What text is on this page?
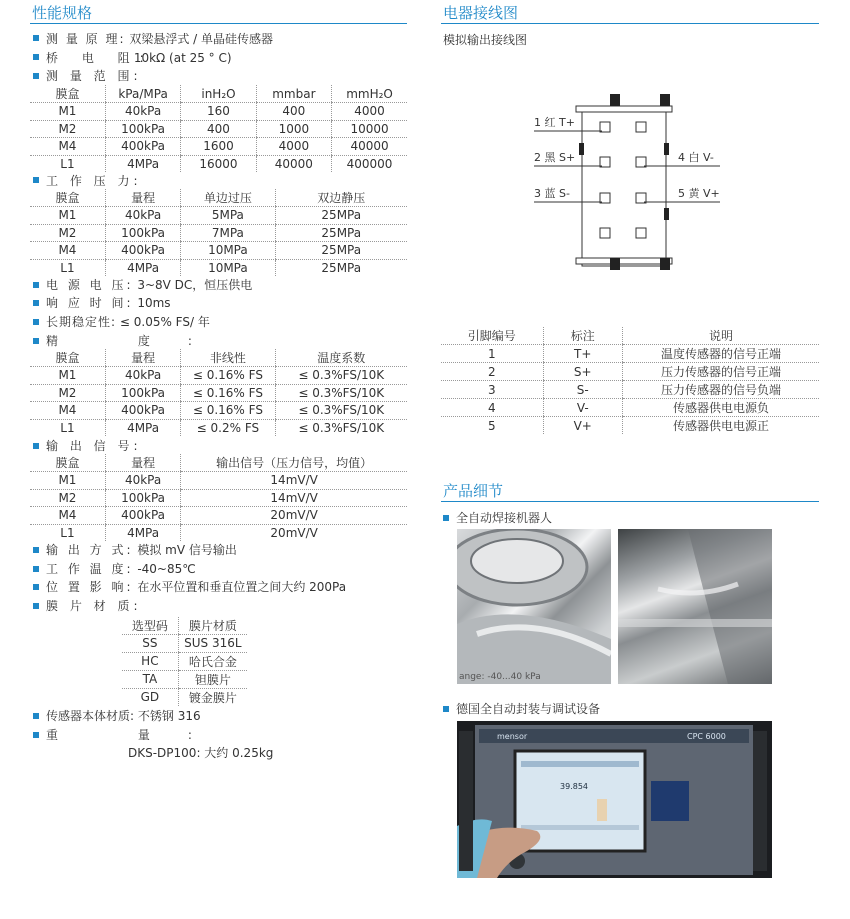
性能规格
测 量 原 理: 双梁悬浮式 / 单晶硅传感器
桥 电 阻: 10kΩ (at 25 ° C)
测 量 范 围:
膜盒	kPa/MPa	inH₂O	mmbar	mmH₂O
M1	40kPa	160	400	4000
M2	100kPa	400	1000	10000
M4	400kPa	1600	4000	40000
L1	4MPa	16000	40000	400000
工 作 压 力:
膜盒	量程	单边过压	双边静压
M1	40kPa	5MPa	25MPa
M2	100kPa	7MPa	25MPa
M4	400kPa	10MPa	25MPa
L1	4MPa	10MPa	25MPa
电 源 电 压: 3~8V DC，恒压供电
响 应 时 间: 10ms
长期稳定性: ≤ 0.05% FS/ 年
精 度:
膜盒	量程	非线性	温度系数
M1	40kPa	≤ 0.16% FS	≤ 0.3%FS/10K
M2	100kPa	≤ 0.16% FS	≤ 0.3%FS/10K
M4	400kPa	≤ 0.16% FS	≤ 0.3%FS/10K
L1	4MPa	≤ 0.2% FS	≤ 0.3%FS/10K
输 出 信 号:
膜盒	量程	输出信号（压力信号，均值）
M1	40kPa	14mV/V
M2	100kPa	14mV/V
M4	400kPa	20mV/V
L1	4MPa	20mV/V
输 出 方 式: 模拟 mV 信号输出
工 作 温 度: -40~85℃
位 置 影 响: 在水平位置和垂直位置之间大约 200Pa
膜 片 材 质:
选型码	膜片材质
SS	SUS 316L
HC	哈氏合金
TA	钽膜片
GD	镀金膜片
传感器本体材质: 不锈钢 316
重 量:
DKS-DP100: 大约 0.25kg
电器接线图
模拟输出接线图
1 红 T+
2 黑 S+
3 蓝 S-
4 白 V-
5 黄 V+
引脚编号	标注	说明
1	T+	温度传感器的信号正端
2	S+	压力传感器的信号正端
3	S-	压力传感器的信号负端
4	V-	传感器供电电源负
5	V+	传感器供电电源正
产品细节
全自动焊接机器人
ange: -40...40 kPa
德国全自动封装与调试设备
mensor	CPC 6000
39.854
